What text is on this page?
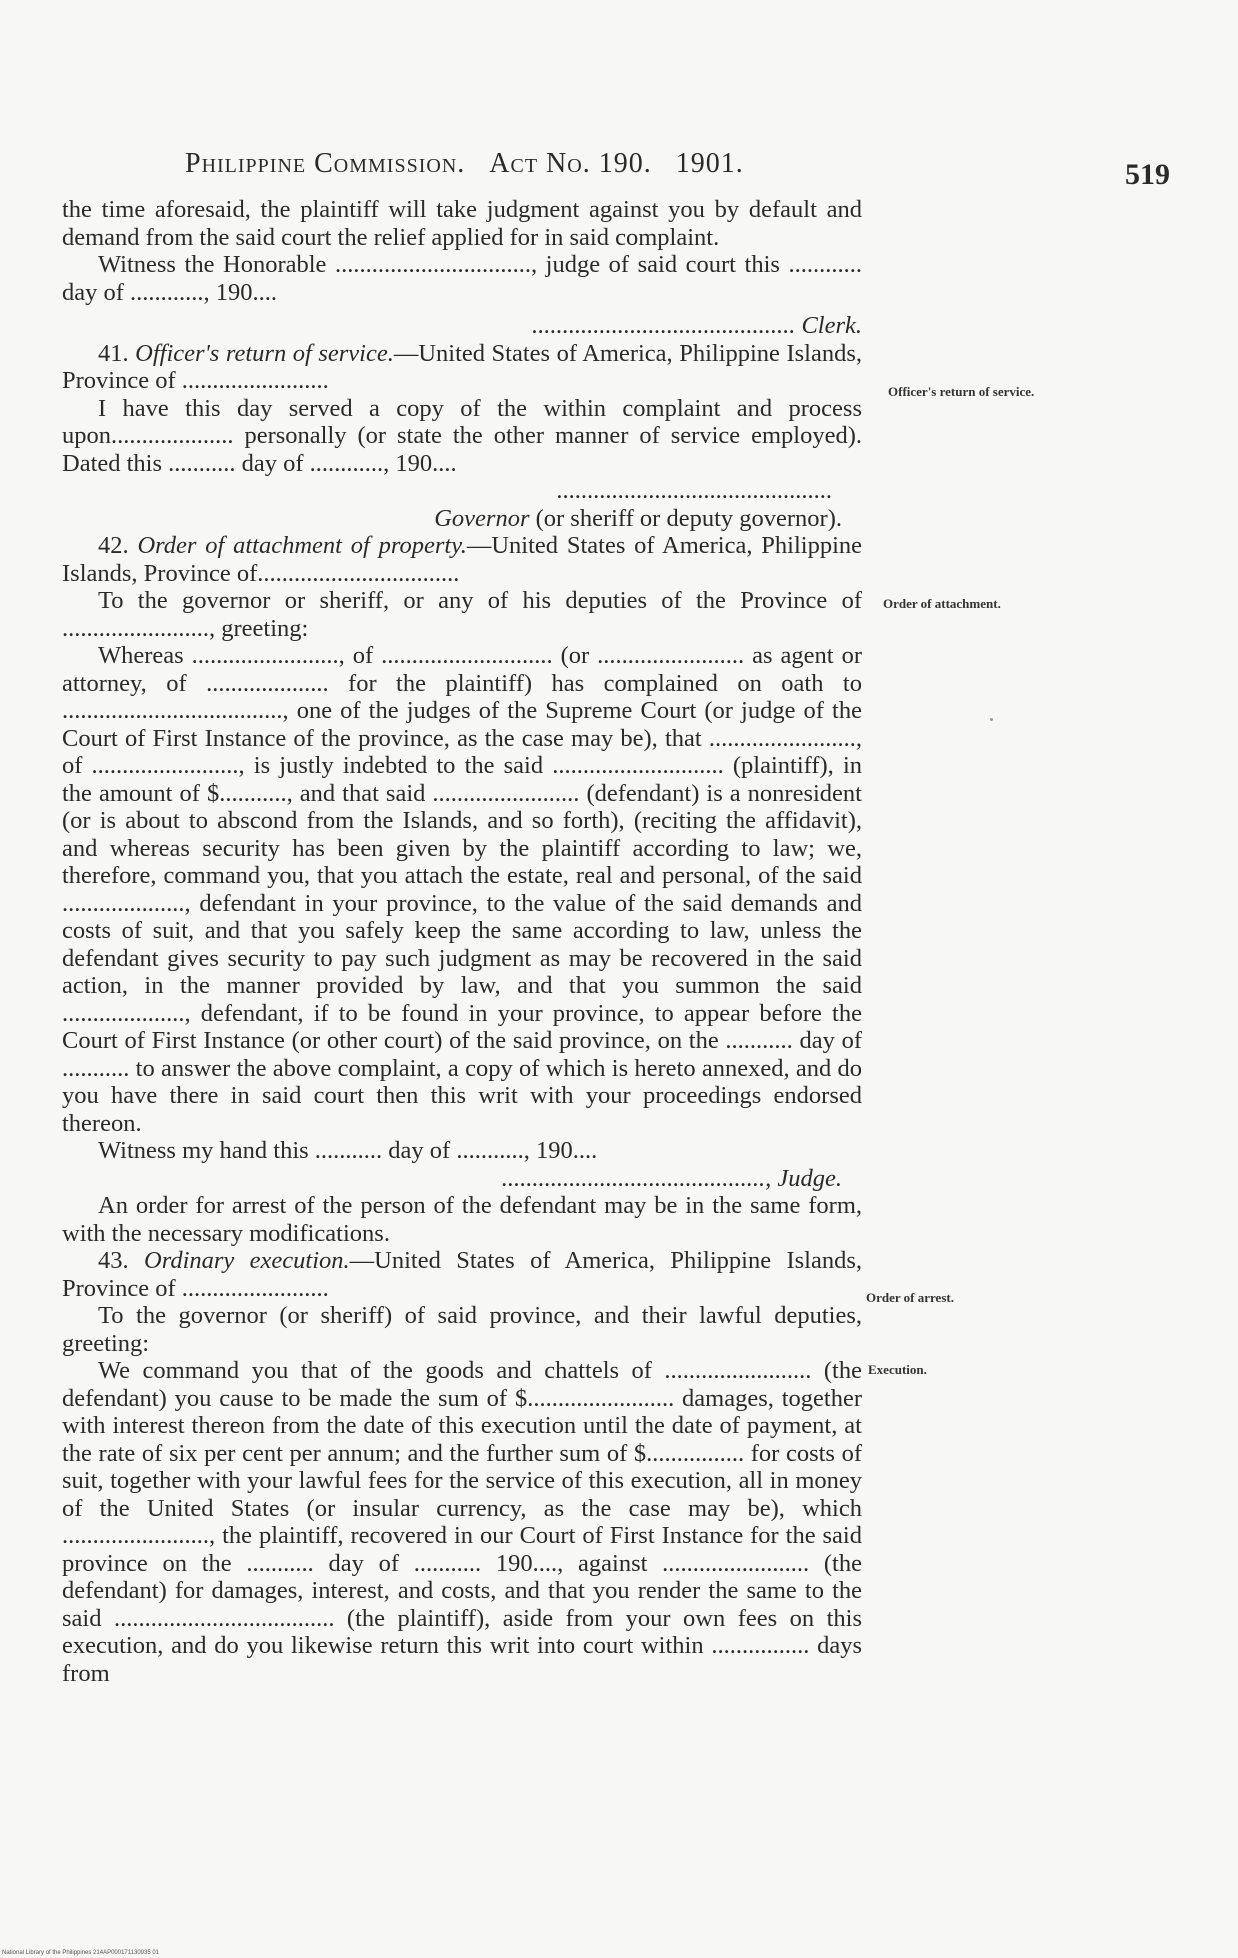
Philippine Commission. Act No. 190. 1901.	519

the time aforesaid, the plaintiff will take judgment against you by default and demand from the said court the relief applied for in said complaint.

Witness the Honorable ................................, judge of said court this ............ day of ............, 190....

........................................... Clerk.

41. Officer's return of service.—United States of America, Philippine Islands, Province of ........................

I have this day served a copy of the within complaint and process upon.................... personally (or state the other manner of service employed). Dated this ........... day of ............, 190....

.............................................

Governor (or sheriff or deputy governor).

42. Order of attachment of property.—United States of America, Philippine Islands, Province of.................................

To the governor or sheriff, or any of his deputies of the Province of ........................, greeting:

Whereas ........................, of ............................ (or ........................ as agent or attorney, of .................... for the plaintiff) has complained on oath to ...................................., one of the judges of the Supreme Court (or judge of the Court of First Instance of the province, as the case may be), that ........................, of ........................, is justly indebted to the said ............................ (plaintiff), in the amount of $..........., and that said ........................ (defendant) is a nonresident (or is about to abscond from the Islands, and so forth), (reciting the affidavit), and whereas security has been given by the plaintiff according to law; we, therefore, command you, that you attach the estate, real and personal, of the said ...................., defendant in your province, to the value of the said demands and costs of suit, and that you safely keep the same according to law, unless the defendant gives security to pay such judgment as may be recovered in the said action, in the manner provided by law, and that you summon the said ...................., defendant, if to be found in your province, to appear before the Court of First Instance (or other court) of the said province, on the ........... day of ........... to answer the above complaint, a copy of which is hereto annexed, and do you have there in said court then this writ with your proceedings endorsed thereon.

Witness my hand this ........... day of ..........., 190....

..........................................., Judge.

An order for arrest of the person of the defendant may be in the same form, with the necessary modifications.

43. Ordinary execution.—United States of America, Philippine Islands, Province of ........................

To the governor (or sheriff) of said province, and their lawful deputies, greeting:

We command you that of the goods and chattels of ........................ (the defendant) you cause to be made the sum of $........................ damages, together with interest thereon from the date of this execution until the date of payment, at the rate of six per cent per annum; and the further sum of $................ for costs of suit, together with your lawful fees for the service of this execution, all in money of the United States (or insular currency, as the case may be), which ........................, the plaintiff, recovered in our Court of First Instance for the said province on the ........... day of ........... 190...., against ........................ (the defendant) for damages, interest, and costs, and that you render the same to the said .................................... (the plaintiff), aside from your own fees on this execution, and do you likewise return this writ into court within ................ days from

Officer's return of service.
Order of attachment.
Order of arrest.
Execution.
National Library of the Philippines 214AP000171130935 01
